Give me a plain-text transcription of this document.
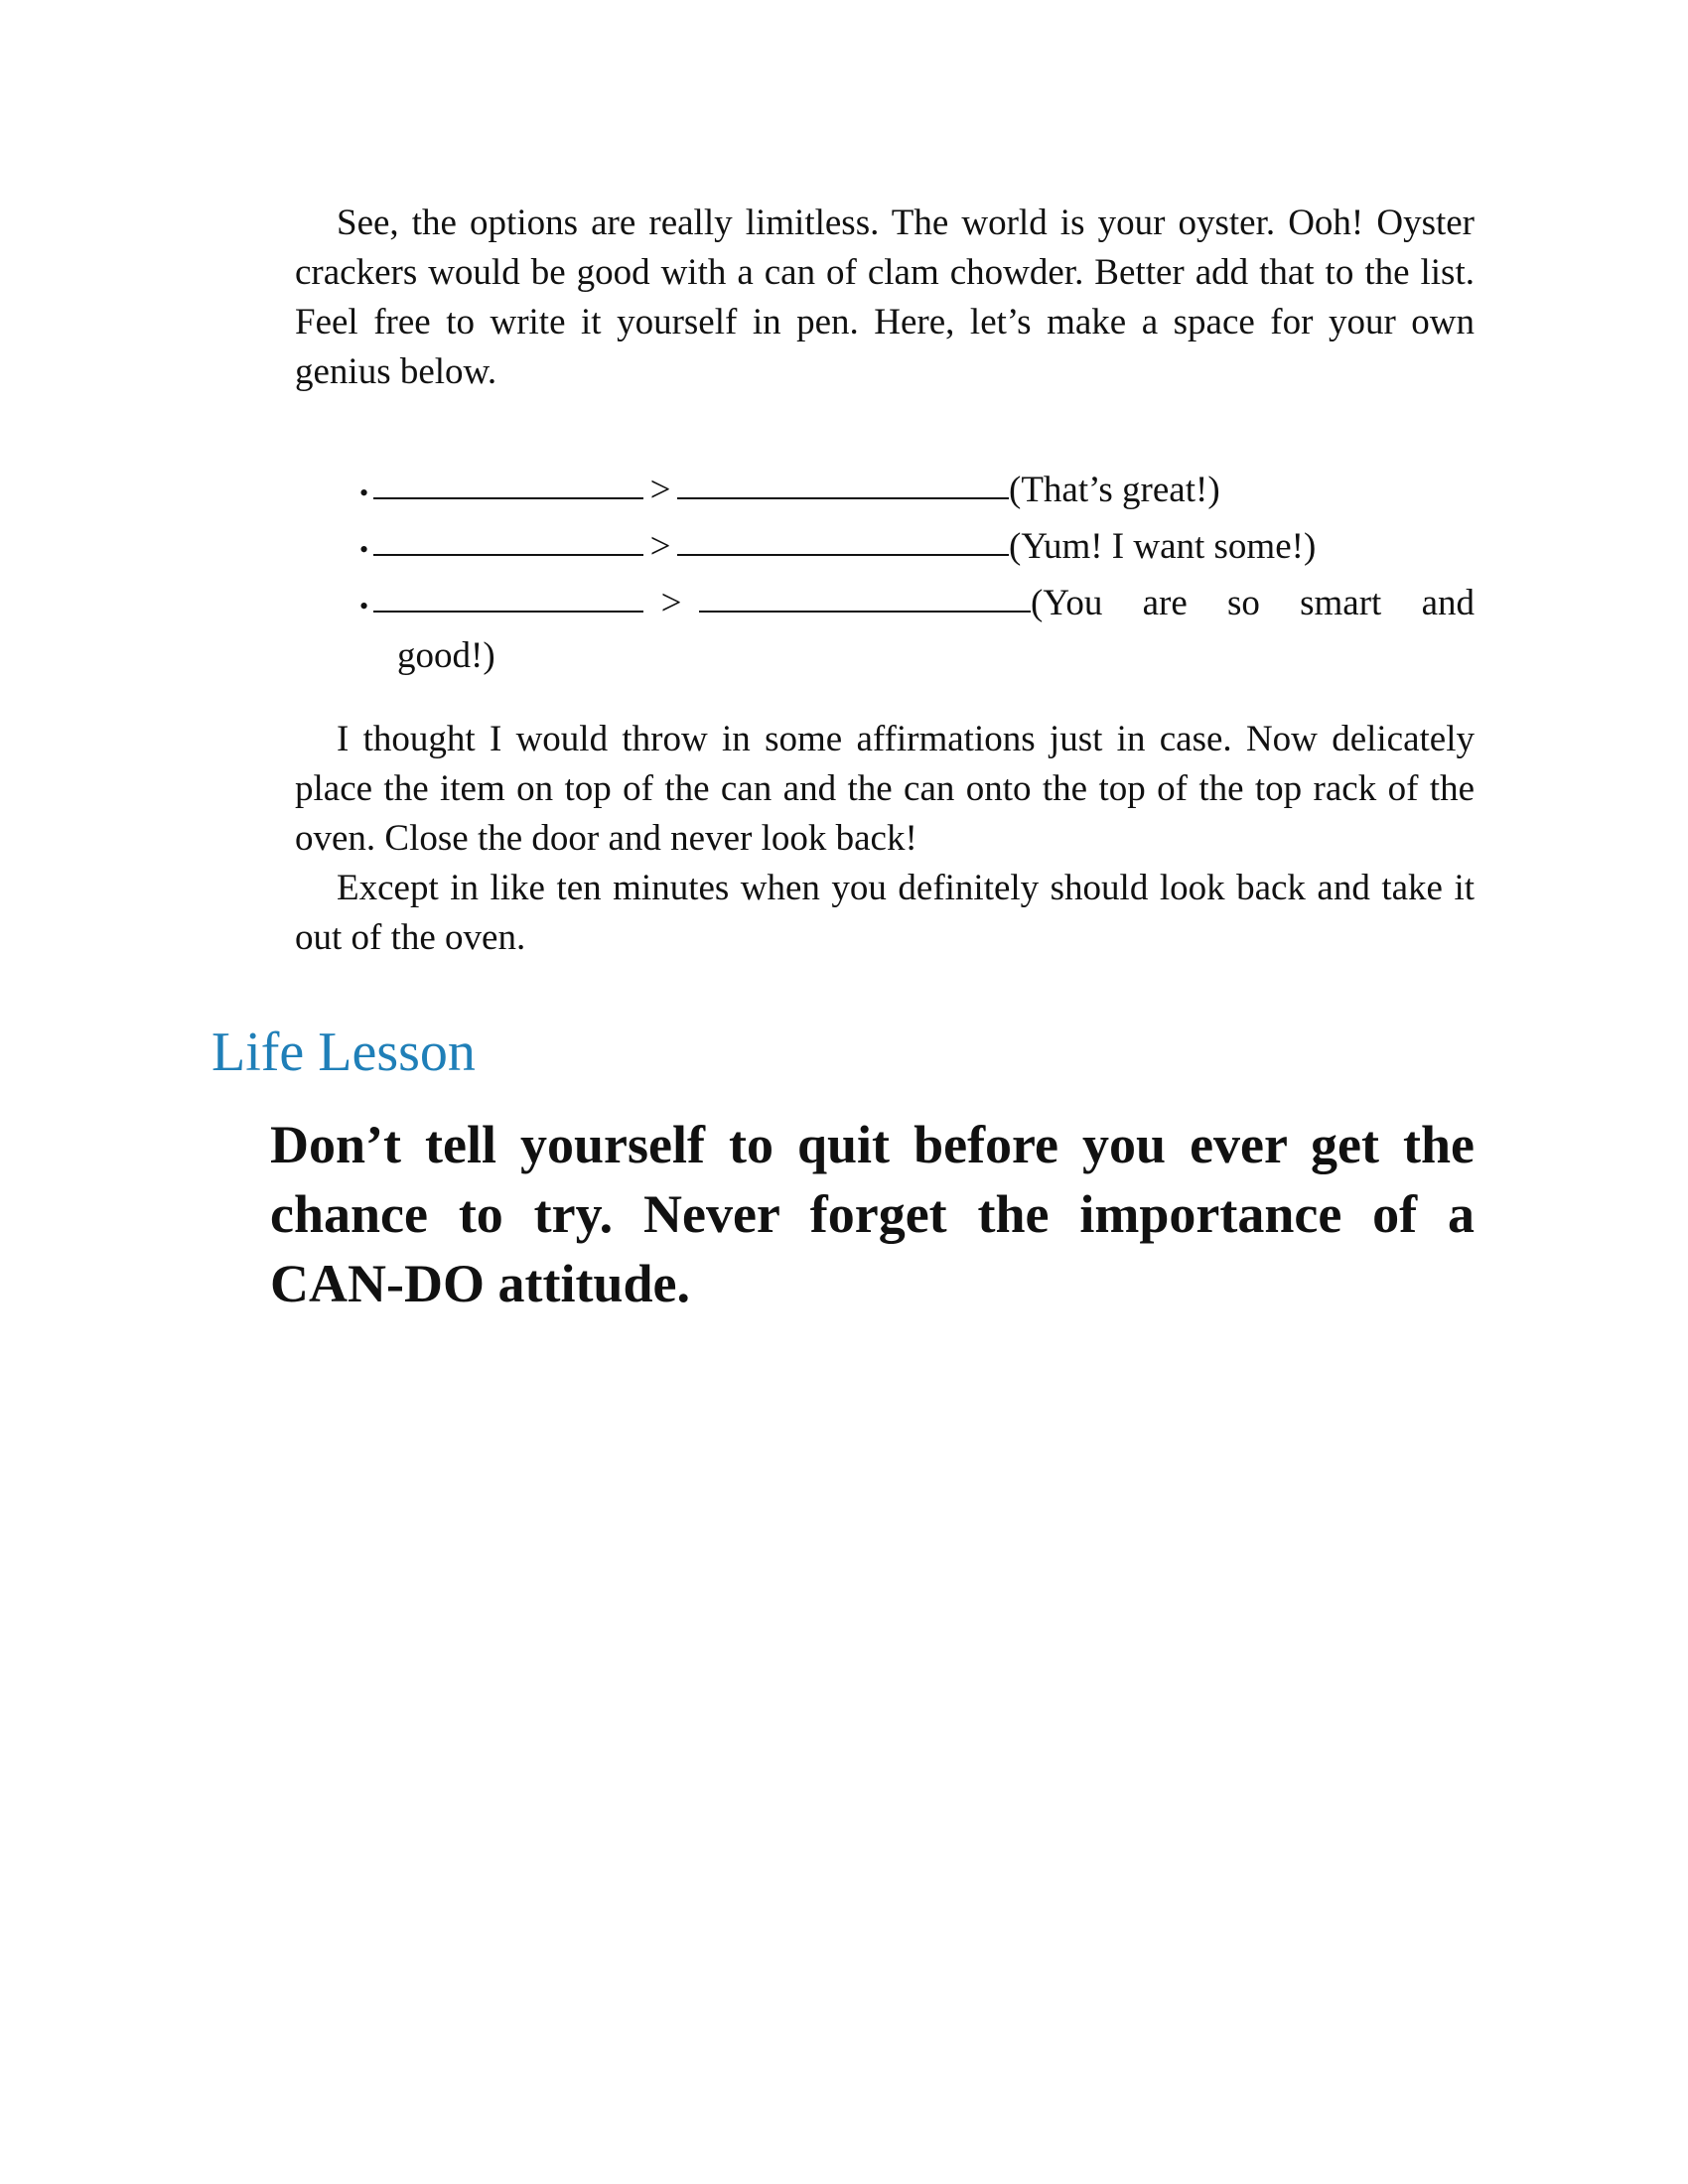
See, the options are really limitless. The world is your oyster. Ooh! Oyster crackers would be good with a can of clam chowder. Better add that to the list. Feel free to write it yourself in pen. Here, let’s make a space for your own genius below.

•	>	(That’s great!)
•	>	(Yum! I want some!)
•	>	(You are so smart and
good!)

I thought I would throw in some affirmations just in case. Now delicately place the item on top of the can and the can onto the top of the top rack of the oven. Close the door and never look back!

Except in like ten minutes when you definitely should look back and take it out of the oven.

Life Lesson

Don’t tell yourself to quit before you ever get the chance to try. Never forget the importance of a CAN-DO attitude.
